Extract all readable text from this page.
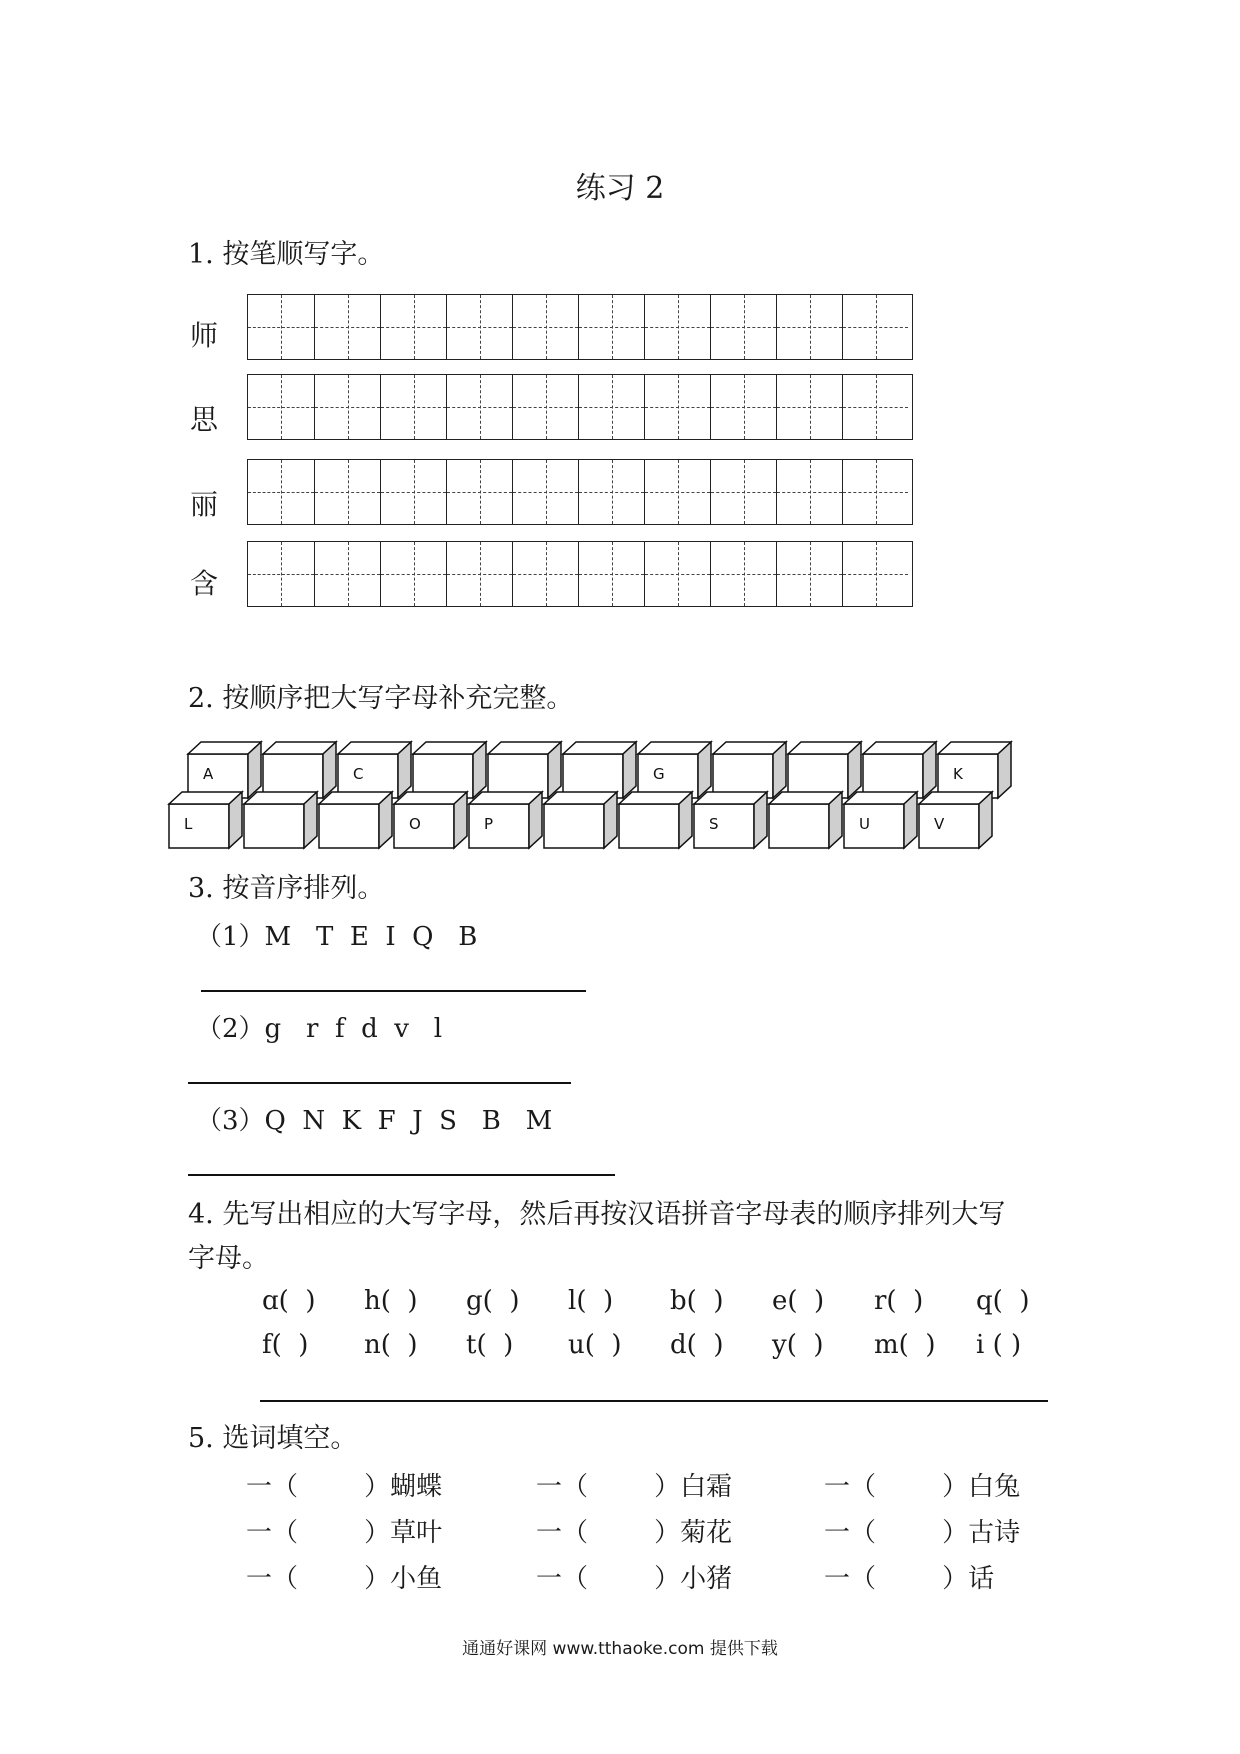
练习 2
1. 按笔顺写字。
师
思
丽
含
2. 按顺序把大写字母补充完整。
A	C	G	K
L	O	P	S	U	V
3. 按音序排列。
（1）M   T  E  I  Q   B
（2）g   r  f  d  v   l
（3）Q  N  K  F  J  S   B   M
4. 先写出相应的大写字母，然后再按汉语拼音字母表的顺序排列大写
字母。
ɑ(  ) h(  ) g(  ) l(  ) b(  ) e(  ) r(  ) q(  )
f(  ) n(  ) t(  ) u(  ) d(  ) y(  ) m(  ) i ( )
5. 选词填空。
一（        ）蝴蝶	一（        ）白霜	一（        ）白兔
一（        ）草叶	一（        ）菊花	一（        ）古诗
一（        ）小鱼	一（        ）小猪	一（        ）话
通通好课网 www.tthaoke.com 提供下载
